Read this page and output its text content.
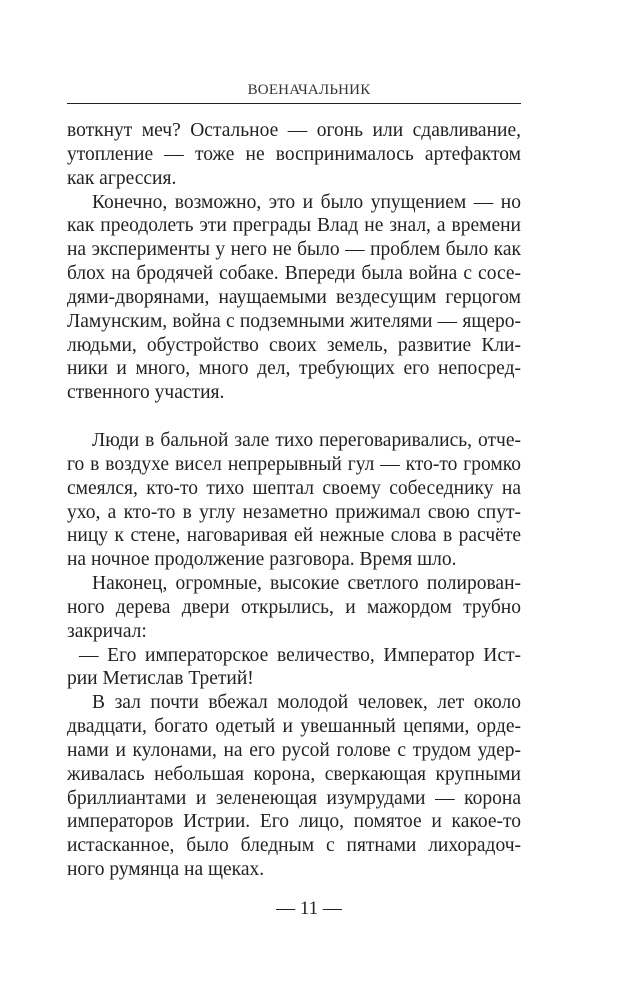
ВОЕНАЧАЛЬНИК
воткнут меч? Остальное — огонь или сдавливание,
утопление — тоже не воспринималось артефактом
как агрессия.
Конечно, возможно, это и было упущением — но
как преодолеть эти преграды Влад не знал, а времени
на эксперименты у него не было — проблем было как
блох на бродячей собаке. Впереди была война с сосе-
дями-дворянами, наущаемыми вездесущим герцогом
Ламунским, война с подземными жителями — ящеро-
людьми, обустройство своих земель, развитие Кли-
ники и много, много дел, требующих его непосред-
ственного участия.
Люди в бальной зале тихо переговаривались, отче-
го в воздухе висел непрерывный гул — кто-то громко
смеялся, кто-то тихо шептал своему собеседнику на
ухо, а кто-то в углу незаметно прижимал свою спут-
ницу к стене, наговаривая ей нежные слова в расчёте
на ночное продолжение разговора. Время шло.
Наконец, огромные, высокие светлого полирован-
ного дерева двери открылись, и мажордом трубно
закричал:
— Его императорское величество, Император Ист-
рии Метислав Третий!
В зал почти вбежал молодой человек, лет около
двадцати, богато одетый и увешанный цепями, орде-
нами и кулонами, на его русой голове с трудом удер-
живалась небольшая корона, сверкающая крупными
бриллиантами и зеленеющая изумрудами — корона
императоров Истрии. Его лицо, помятое и какое-то
истасканное, было бледным с пятнами лихорадоч-
ного румянца на щеках.
— 11 —
